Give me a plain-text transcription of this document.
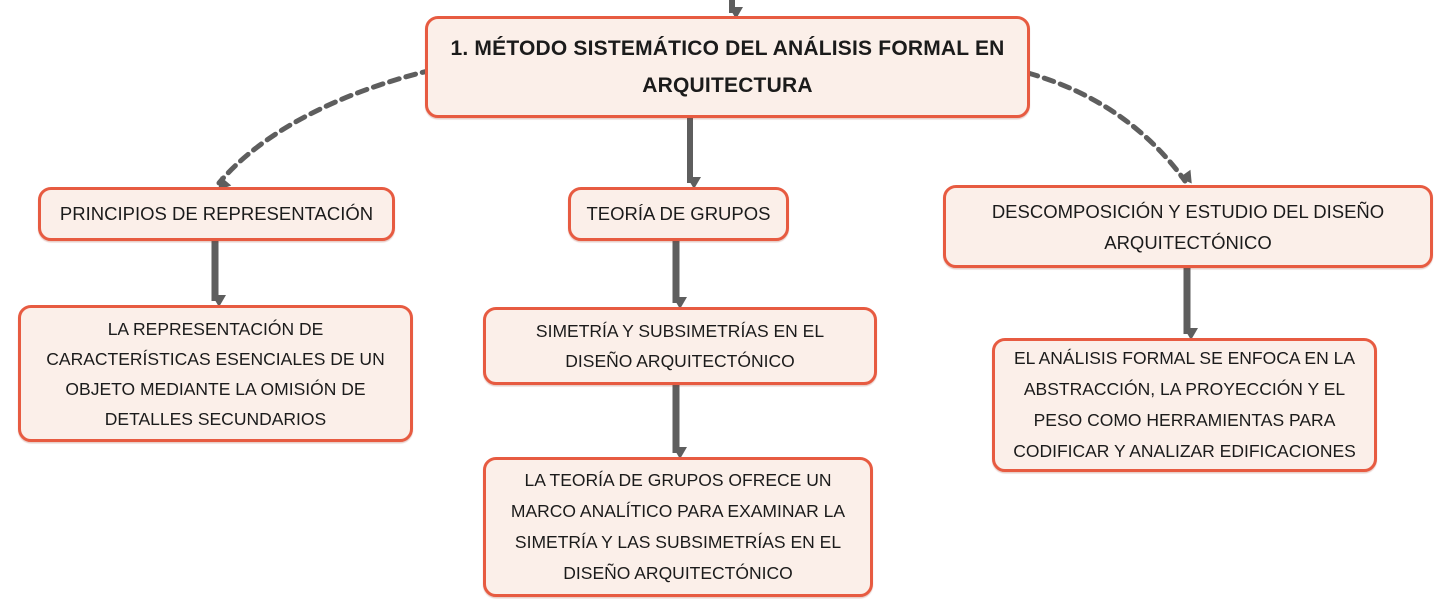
1. MÉTODO SISTEMÁTICO DEL ANÁLISIS FORMAL EN ARQUITECTURA
PRINCIPIOS DE REPRESENTACIÓN	TEORÍA DE GRUPOS	DESCOMPOSICIÓN Y ESTUDIO DEL DISEÑO ARQUITECTÓNICO
LA REPRESENTACIÓN DE CARACTERÍSTICAS ESENCIALES DE UN OBJETO MEDIANTE LA OMISIÓN DE DETALLES SECUNDARIOS
SIMETRÍA Y SUBSIMETRÍAS EN EL DISEÑO ARQUITECTÓNICO
LA TEORÍA DE GRUPOS OFRECE UN MARCO ANALÍTICO PARA EXAMINAR LA SIMETRÍA Y LAS SUBSIMETRÍAS EN EL DISEÑO ARQUITECTÓNICO
EL ANÁLISIS FORMAL SE ENFOCA EN LA ABSTRACCIÓN, LA PROYECCIÓN Y EL PESO COMO HERRAMIENTAS PARA CODIFICAR Y ANALIZAR EDIFICACIONES
